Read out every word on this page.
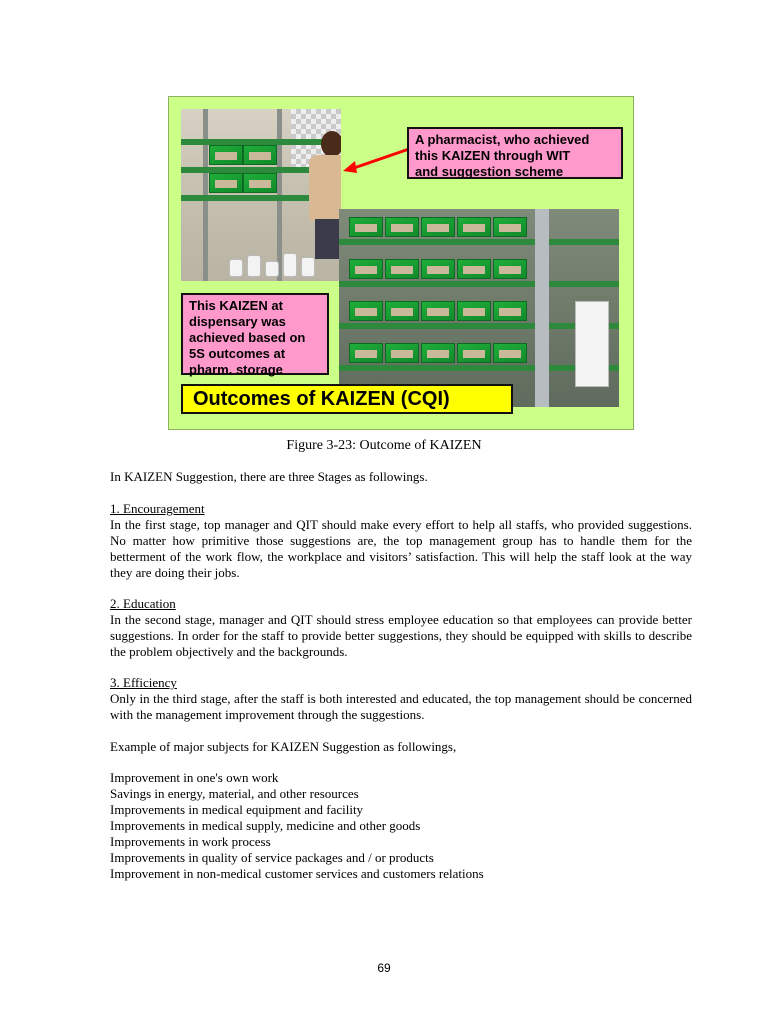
A pharmacist, who achieved
this KAIZEN through WIT
and suggestion scheme
This KAIZEN at
dispensary was
achieved based on
5S outcomes at
pharm. storage
Outcomes of KAIZEN (CQI)
Figure 3-23: Outcome of KAIZEN
In KAIZEN Suggestion, there are three Stages as followings.
1. Encouragement
In the first stage, top manager and QIT should make every effort to help all staffs, who provided suggestions. No matter how primitive those suggestions are, the top management group has to handle them for the betterment of the work flow, the workplace and visitors’ satisfaction. This will help the staff look at the way they are doing their jobs.
2. Education
In the second stage, manager and QIT should stress employee education so that employees can provide better suggestions. In order for the staff to provide better suggestions, they should be equipped with skills to describe the problem objectively and the backgrounds.
3. Efficiency
Only in the third stage, after the staff is both interested and educated, the top management should be concerned with the management improvement through the suggestions.
Example of major subjects for KAIZEN Suggestion as followings,
Improvement in one's own work
Savings in energy, material, and other resources
Improvements in medical equipment and facility
Improvements in medical supply, medicine and other goods
Improvements in work process
Improvements in quality of service packages and / or products
Improvement in non-medical customer services and customers relations
69
